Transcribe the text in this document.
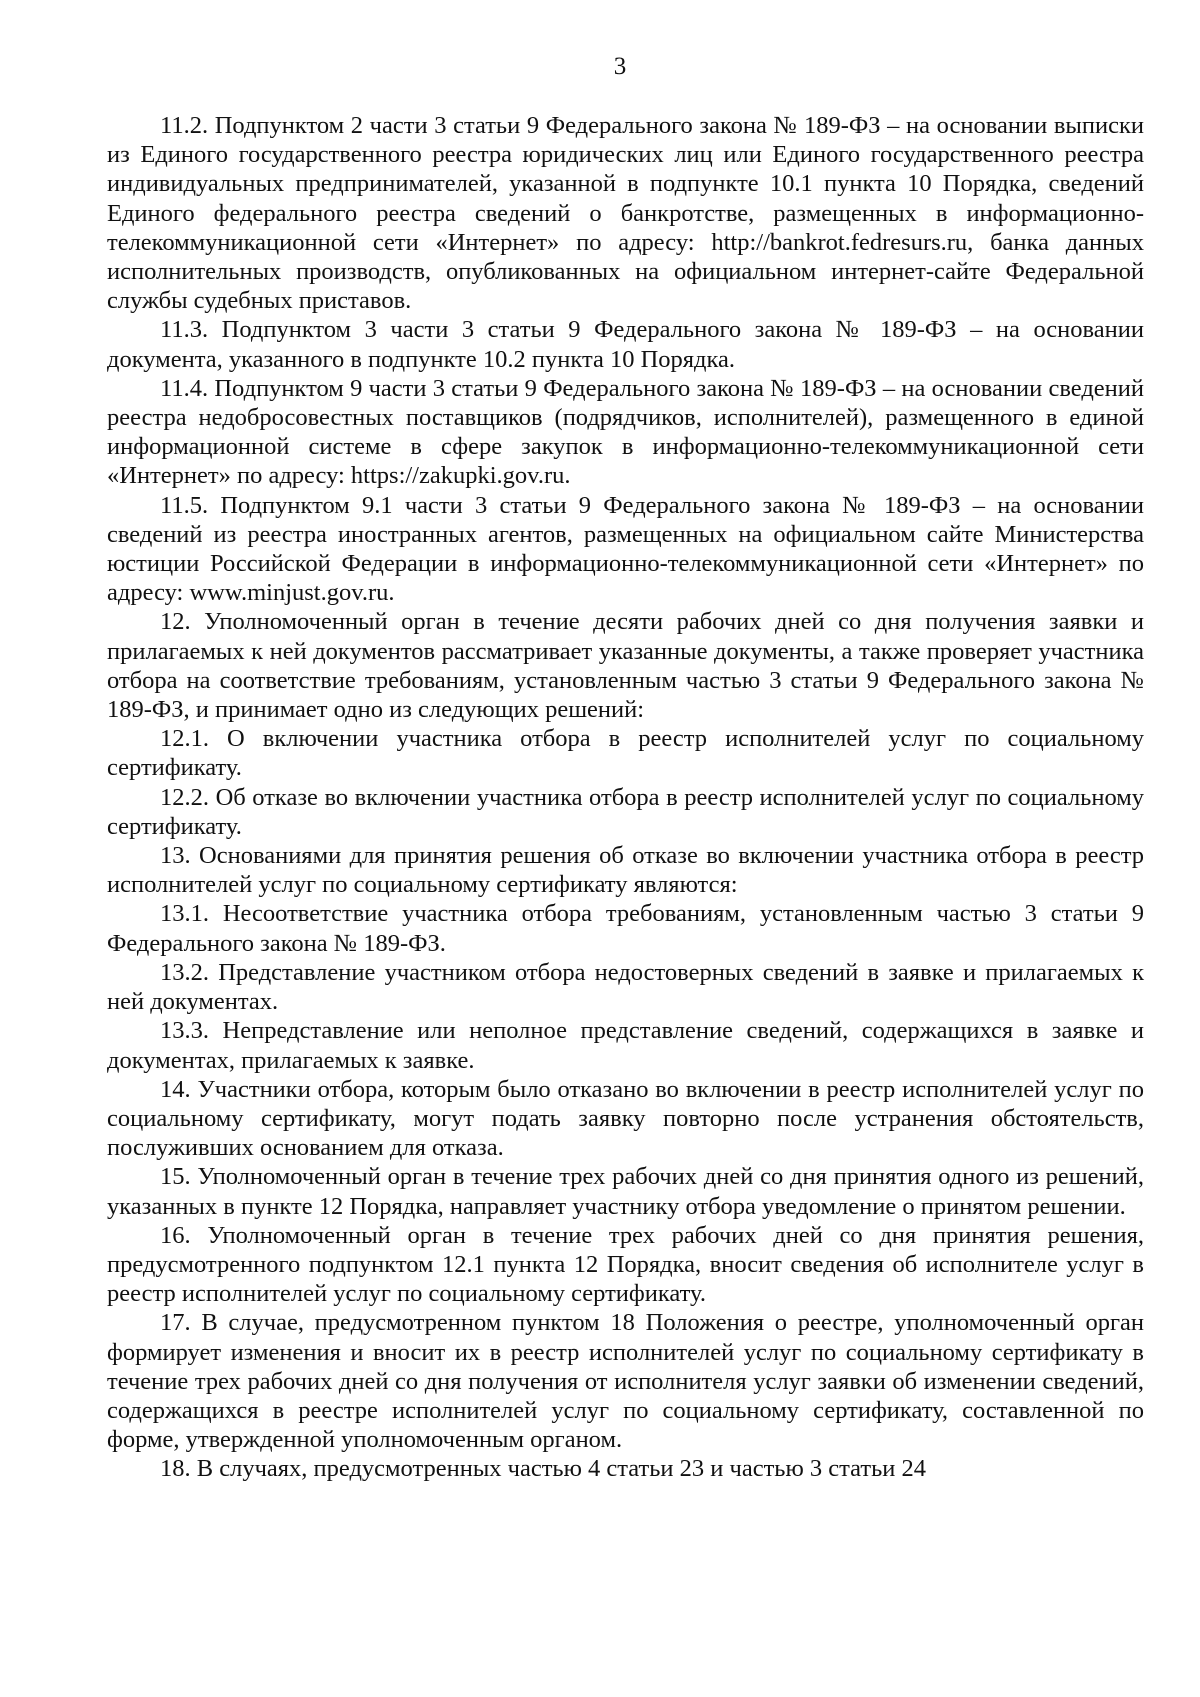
3

11.2. Подпунктом 2 части 3 статьи 9 Федерального закона № 189-ФЗ – на основании выписки из Единого государственного реестра юридических лиц или Единого государственного реестра индивидуальных предпринимателей, указанной в подпункте 10.1 пункта 10 Порядка, сведений Единого федерального реестра сведений о банкротстве, размещенных в информационно-телекоммуникационной сети «Интернет» по адресу: http://bankrot.fedresurs.ru, банка данных исполнительных производств, опубликованных на официальном интернет-сайте Федеральной службы судебных приставов.

11.3. Подпунктом 3 части 3 статьи 9 Федерального закона № 189-ФЗ – на основании документа, указанного в подпункте 10.2 пункта 10 Порядка.

11.4. Подпунктом 9 части 3 статьи 9 Федерального закона № 189-ФЗ – на основании сведений реестра недобросовестных поставщиков (подрядчиков, исполнителей), размещенного в единой информационной системе в сфере закупок в информационно-телекоммуникационной сети «Интернет» по адресу: https://zakupki.gov.ru.

11.5. Подпунктом 9.1 части 3 статьи 9 Федерального закона № 189-ФЗ – на основании сведений из реестра иностранных агентов, размещенных на официальном сайте Министерства юстиции Российской Федерации в информационно-телекоммуникационной сети «Интернет» по адресу: www.minjust.gov.ru.

12. Уполномоченный орган в течение десяти рабочих дней со дня получения заявки и прилагаемых к ней документов рассматривает указанные документы, а также проверяет участника отбора на соответствие требованиям, установленным частью 3 статьи 9 Федерального закона № 189-ФЗ, и принимает одно из следующих решений:

12.1. О включении участника отбора в реестр исполнителей услуг по социальному сертификату.

12.2. Об отказе во включении участника отбора в реестр исполнителей услуг по социальному сертификату.

13. Основаниями для принятия решения об отказе во включении участника отбора в реестр исполнителей услуг по социальному сертификату являются:

13.1. Несоответствие участника отбора требованиям, установленным частью 3 статьи 9 Федерального закона № 189-ФЗ.

13.2. Представление участником отбора недостоверных сведений в заявке и прилагаемых к ней документах.

13.3. Непредставление или неполное представление сведений, содержащихся в заявке и документах, прилагаемых к заявке.

14. Участники отбора, которым было отказано во включении в реестр исполнителей услуг по социальному сертификату, могут подать заявку повторно после устранения обстоятельств, послуживших основанием для отказа.

15. Уполномоченный орган в течение трех рабочих дней со дня принятия одного из решений, указанных в пункте 12 Порядка, направляет участнику отбора уведомление о принятом решении.

16. Уполномоченный орган в течение трех рабочих дней со дня принятия решения, предусмотренного подпунктом 12.1 пункта 12 Порядка, вносит сведения об исполнителе услуг в реестр исполнителей услуг по социальному сертификату.

17. В случае, предусмотренном пунктом 18 Положения о реестре, уполномоченный орган формирует изменения и вносит их в реестр исполнителей услуг по социальному сертификату в течение трех рабочих дней со дня получения от исполнителя услуг заявки об изменении сведений, содержащихся в реестре исполнителей услуг по социальному сертификату, составленной по форме, утвержденной уполномоченным органом.

18. В случаях, предусмотренных частью 4 статьи 23 и частью 3 статьи 24
